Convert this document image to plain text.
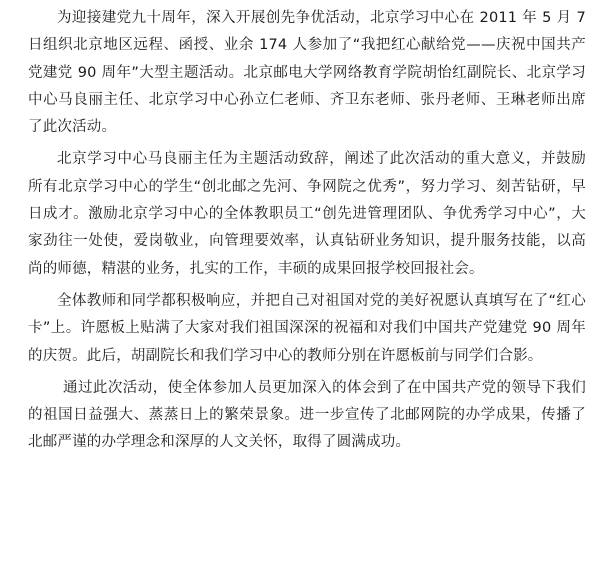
为迎接建党九十周年，深入开展创先争优活动，北京学习中心在 2011 年 5 月 7 日组织北京地区远程、函授、业余 174 人参加了“我把红心献给党——庆祝中国共产党建党 90 周年”大型主题活动。北京邮电大学网络教育学院胡怡红副院长、北京学习中心马良丽主任、北京学习中心孙立仁老师、齐卫东老师、张丹老师、王琳老师出席了此次活动。

北京学习中心马良丽主任为主题活动致辞，阐述了此次活动的重大意义，并鼓励所有北京学习中心的学生“创北邮之先河、争网院之优秀”，努力学习、刻苦钻研，早日成才。激励北京学习中心的全体教职员工“创先进管理团队、争优秀学习中心”，大家劲往一处使，爱岗敬业，向管理要效率，认真钻研业务知识，提升服务技能，以高尚的师德，精湛的业务，扎实的工作，丰硕的成果回报学校回报社会。

全体教师和同学都积极响应，并把自己对祖国对党的美好祝愿认真填写在了“红心卡”上。许愿板上贴满了大家对我们祖国深深的祝福和对我们中国共产党建党 90 周年的庆贺。此后，胡副院长和我们学习中心的教师分别在许愿板前与同学们合影。

通过此次活动，使全体参加人员更加深入的体会到了在中国共产党的领导下我们的祖国日益强大、蒸蒸日上的繁荣景象。进一步宣传了北邮网院的办学成果，传播了北邮严谨的办学理念和深厚的人文关怀，取得了圆满成功。
